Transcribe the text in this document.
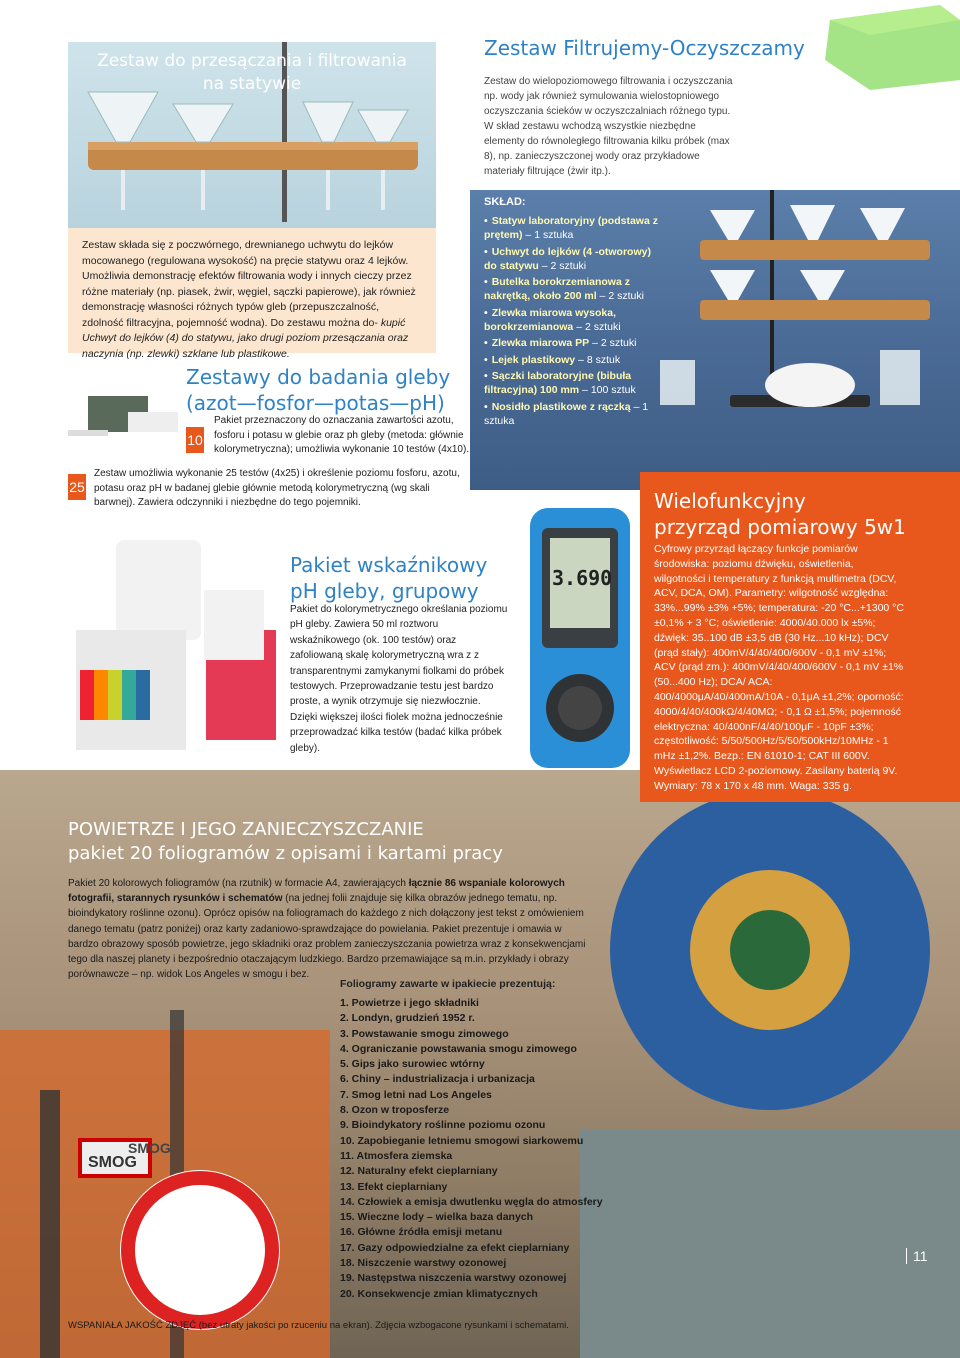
Zestaw do przesączania i filtrowania
na statywie

Zestaw składa się z poczwórnego, drewnianego uchwytu do lejków mocowanego (regulowana wysokość) na pręcie statywu oraz 4 lejków. Umożliwia demonstrację efektów filtrowania wody i innych cieczy przez różne materiały (np. piasek, żwir, węgiel, sączki papierowe), jak również demonstrację własności różnych typów gleb (przepuszczalność, zdolność filtracyjna, pojemność wodna). Do zestawu można do- kupić Uchwyt do lejków (4) do statywu, jako drugi poziom przesączania oraz naczynia (np. zlewki) szklane lub plastikowe.

Zestaw Filtrujemy-Oczyszczamy

Zestaw do wielopoziomowego filtrowania i oczyszczania np. wody jak również symulowania wielostopniowego oczyszczania ścieków w oczyszczalniach różnego typu. W skład zestawu wchodzą wszystkie niezbędne elementy do równoległego filtrowania kilku próbek (max 8), np. zanieczyszczonej wody oraz przykładowe materiały filtrujące (żwir itp.).

SKŁAD:
• Statyw laboratoryjny (podstawa z prętem) – 1 sztuka
• Uchwyt do lejków (4 -otworowy) do statywu – 2 sztuki
• Butelka borokrzemianowa z nakrętką, około 200 ml – 2 sztuki
• Zlewka miarowa wysoka, borokrzemianowa – 2 sztuki
• Zlewka miarowa PP – 2 sztuki
• Lejek plastikowy – 8 sztuk
• Sączki laboratoryjne (bibuła filtracyjna) 100 mm – 100 sztuk
• Nosidło plastikowe z rączką – 1 sztuka
Zestawy do badania gleby
(azot—fosfor—potas—pH)
10

Pakiet przeznaczony do oznaczania zawartości azotu, fosforu i potasu w glebie oraz ph gleby (metoda: głównie kolorymetryczna); umożliwia wykonanie 10 testów (4x10).

25

Zestaw umożliwia wykonanie 25 testów (4x25) i określenie poziomu fosforu, azotu, potasu oraz pH w badanej glebie głównie metodą kolorymetryczną (wg skali barwnej). Zawiera odczynniki i niezbędne do tego pojemniki.

Pakiet wskaźnikowy
pH gleby, grupowy

Pakiet do kolorymetrycznego określania poziomu pH gleby. Zawiera 50 ml roztworu wskaźnikowego (ok. 100 testów) oraz zafoliowaną skalę kolorymetryczną wra z z transparentnymi zamykanymi fiolkami do próbek testowych. Przeprowadzanie testu jest bardzo proste, a wynik otrzymuje się niezwłocznie. Dzięki większej ilości fiolek można jednocześnie przeprowadzać kilka testów (badać kilka próbek gleby).

SMOG
SMOG
Wielofunkcyjny
przyrząd pomiarowy 5w1

Cyfrowy przyrząd łączący funkcje pomiarów środowiska: poziomu dźwięku, oświetlenia, wilgotności i temperatury z funkcją multimetra (DCV, ACV, DCA, OM). Parametry: wilgotność względna: 33%...99% ±3% +5%; temperatura: -20 °C...+1300 °C ±0,1% + 3 °C; oświetlenie: 4000/40.000 lx ±5%; dźwięk: 35..100 dB ±3,5 dB (30 Hz...10 kHz); DCV (prąd stały): 400mV/4/40/400/600V - 0,1 mV ±1%; ACV (prąd zm.): 400mV/4/40/400/600V - 0,1 mV ±1% (50...400 Hz); DCA/ ACA: 400/4000μA/40/400mA/10A - 0,1μA ±1,2%; oporność: 4000/4/40/400kΩ/4/40MΩ; - 0,1 Ω ±1,5%; pojemność elektryczna: 40/400nF/4/40/100μF - 10pF ±3%; częstotliwość: 5/50/500Hz/5/50/500kHz/10MHz - 1 mHz ±1,2%. Bezp.: EN 61010-1; CAT III 600V. Wyświetlacz LCD 2-poziomowy. Zasilany baterią 9V. Wymiary: 78 x 170 x 48 mm. Waga: 335 g.

3.690
POWIETRZE I JEGO ZANIECZYSZCZANIE
pakiet 20 foliogramów z opisami i kartami pracy

Pakiet 20 kolorowych foliogramów (na rzutnik) w formacie A4, zawierających łącznie 86 wspaniale kolorowych fotografii, starannych rysunków i schematów (na jednej folii znajduje się kilka obrazów jednego tematu, np. bioindykatory roślinne ozonu). Oprócz opisów na foliogramach do każdego z nich dołączony jest tekst z omówieniem danego tematu (patrz poniżej) oraz karty zadaniowo-sprawdzające do powielania. Pakiet prezentuje i omawia w bardzo obrazowy sposób powietrze, jego składniki oraz problem zanieczyszczania powietrza wraz z konsekwencjami tego dla naszej planety i bezpośrednio otaczającym ludzkiego. Bardzo przemawiające są m.in. przykłady i obrazy porównawcze – np. widok Los Angeles w smogu i bez.

Foliogramy zawarte w ipakiecie prezentują:
1. Powietrze i jego składniki
2. Londyn, grudzień 1952 r.
3. Powstawanie smogu zimowego
4. Ograniczanie powstawania smogu zimowego
5. Gips jako surowiec wtórny
6. Chiny – industrializacja i urbanizacja
7. Smog letni nad Los Angeles
8. Ozon w troposferze
9. Bioindykatory roślinne poziomu ozonu
10. Zapobieganie letniemu smogowi siarkowemu
11. Atmosfera ziemska
12. Naturalny efekt cieplarniany
13. Efekt cieplarniany
14. Człowiek a emisja dwutlenku węgla do atmosfery
15. Wieczne lody – wielka baza danych
16. Główne źródła emisji metanu
17. Gazy odpowiedzialne za efekt cieplarniany
18. Niszczenie warstwy ozonowej
19. Następstwa niszczenia warstwy ozonowej
20. Konsekwencje zmian klimatycznych
11
WSPANIAŁA JAKOŚĆ ZDJĘĆ (bez utraty jakości po rzuceniu na ekran). Zdjęcia wzbogacone rysunkami i schematami.
